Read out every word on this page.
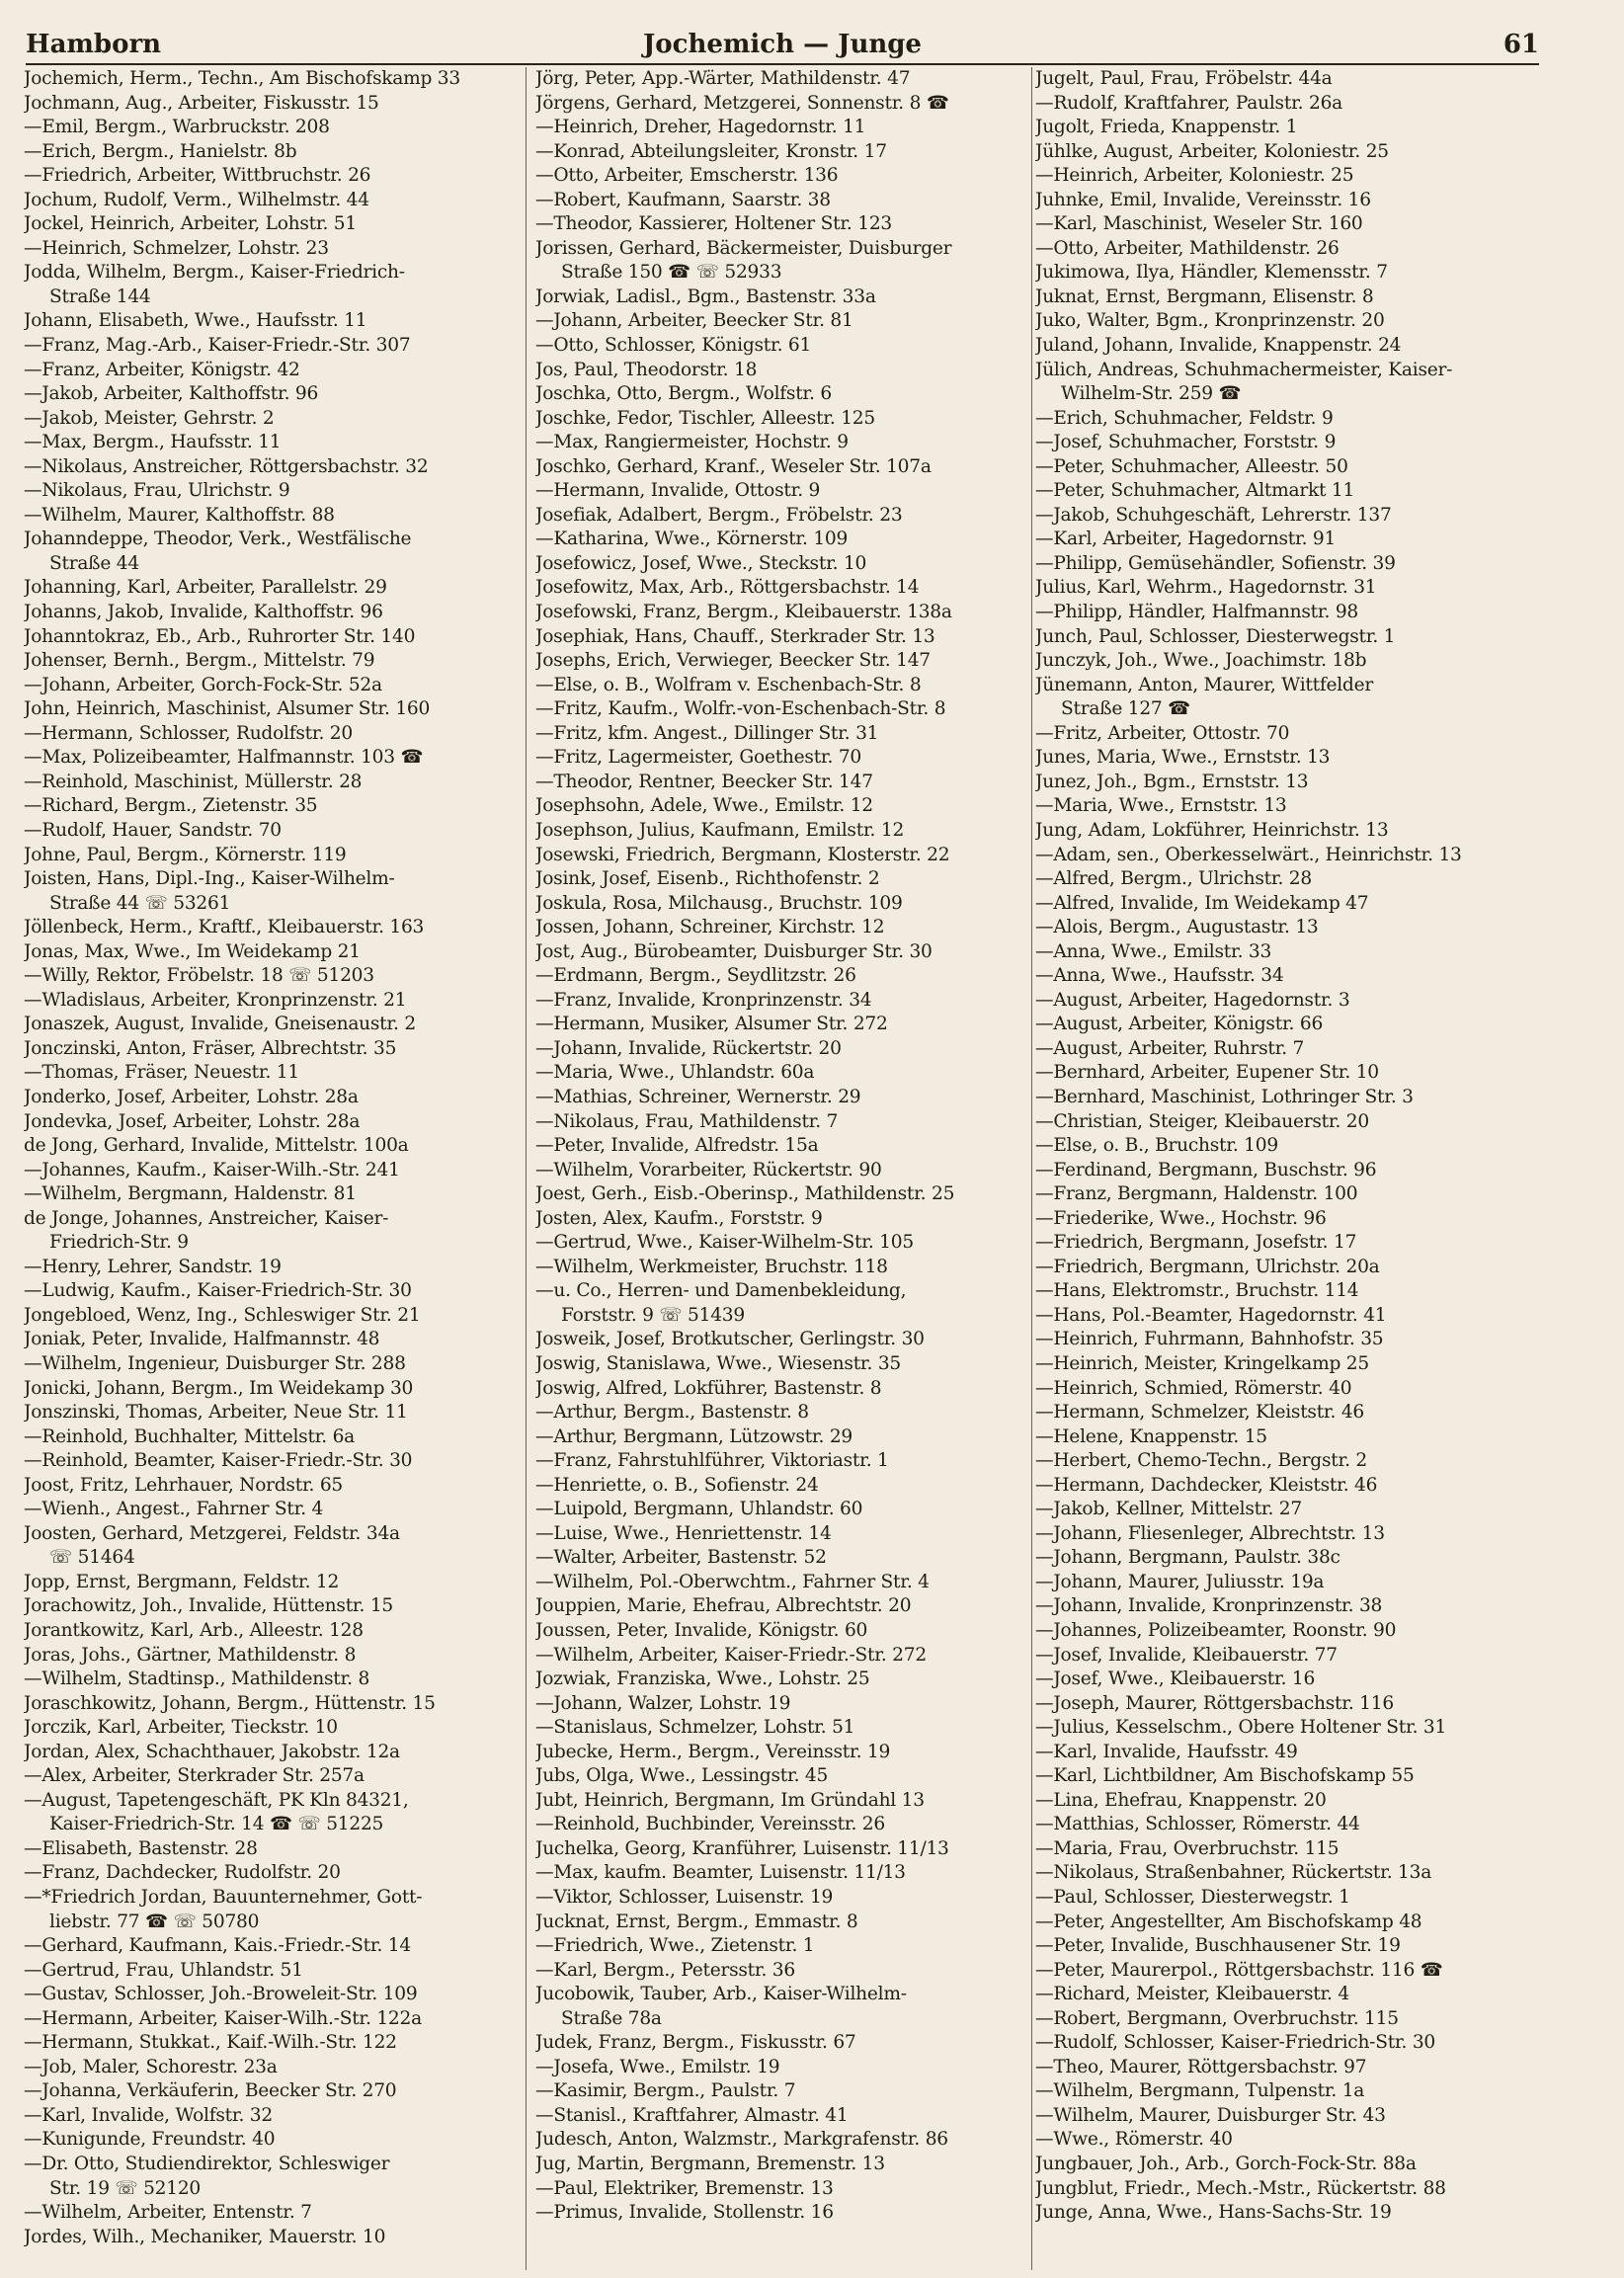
Hamborn	Jochemich — Junge	61
Jochemich, Herm., Techn., Am Bischofskamp 33
Jochmann, Aug., Arbeiter, Fiskusstr. 15
—Emil, Bergm., Warbruckstr. 208
—Erich, Bergm., Hanielstr. 8b
—Friedrich, Arbeiter, Wittbruchstr. 26
Jochum, Rudolf, Verm., Wilhelmstr. 44
Jockel, Heinrich, Arbeiter, Lohstr. 51
—Heinrich, Schmelzer, Lohstr. 23
Jodda, Wilhelm, Bergm., Kaiser-Friedrich-
Straße 144
Johann, Elisabeth, Wwe., Haufsstr. 11
—Franz, Mag.-Arb., Kaiser-Friedr.-Str. 307
—Franz, Arbeiter, Königstr. 42
—Jakob, Arbeiter, Kalthoffstr. 96
—Jakob, Meister, Gehrstr. 2
—Max, Bergm., Haufsstr. 11
—Nikolaus, Anstreicher, Röttgersbachstr. 32
—Nikolaus, Frau, Ulrichstr. 9
—Wilhelm, Maurer, Kalthoffstr. 88
Johanndeppe, Theodor, Verk., Westfälische
Straße 44
Johanning, Karl, Arbeiter, Parallelstr. 29
Johanns, Jakob, Invalide, Kalthoffstr. 96
Johanntokraz, Eb., Arb., Ruhrorter Str. 140
Johenser, Bernh., Bergm., Mittelstr. 79
—Johann, Arbeiter, Gorch-Fock-Str. 52a
John, Heinrich, Maschinist, Alsumer Str. 160
—Hermann, Schlosser, Rudolfstr. 20
—Max, Polizeibeamter, Halfmannstr. 103 ☎
—Reinhold, Maschinist, Müllerstr. 28
—Richard, Bergm., Zietenstr. 35
—Rudolf, Hauer, Sandstr. 70
Johne, Paul, Bergm., Körnerstr. 119
Joisten, Hans, Dipl.-Ing., Kaiser-Wilhelm-
Straße 44 ☏ 53261
Jöllenbeck, Herm., Kraftf., Kleibauerstr. 163
Jonas, Max, Wwe., Im Weidekamp 21
—Willy, Rektor, Fröbelstr. 18 ☏ 51203
—Wladislaus, Arbeiter, Kronprinzenstr. 21
Jonaszek, August, Invalide, Gneisenaustr. 2
Jonczinski, Anton, Fräser, Albrechtstr. 35
—Thomas, Fräser, Neuestr. 11
Jonderko, Josef, Arbeiter, Lohstr. 28a
Jondevka, Josef, Arbeiter, Lohstr. 28a
de Jong, Gerhard, Invalide, Mittelstr. 100a
—Johannes, Kaufm., Kaiser-Wilh.-Str. 241
—Wilhelm, Bergmann, Haldenstr. 81
de Jonge, Johannes, Anstreicher, Kaiser-
Friedrich-Str. 9
—Henry, Lehrer, Sandstr. 19
—Ludwig, Kaufm., Kaiser-Friedrich-Str. 30
Jongebloed, Wenz, Ing., Schleswiger Str. 21
Joniak, Peter, Invalide, Halfmannstr. 48
—Wilhelm, Ingenieur, Duisburger Str. 288
Jonicki, Johann, Bergm., Im Weidekamp 30
Jonszinski, Thomas, Arbeiter, Neue Str. 11
—Reinhold, Buchhalter, Mittelstr. 6a
—Reinhold, Beamter, Kaiser-Friedr.-Str. 30
Joost, Fritz, Lehrhauer, Nordstr. 65
—Wienh., Angest., Fahrner Str. 4
Joosten, Gerhard, Metzgerei, Feldstr. 34a
☏ 51464
Jopp, Ernst, Bergmann, Feldstr. 12
Jorachowitz, Joh., Invalide, Hüttenstr. 15
Jorantkowitz, Karl, Arb., Alleestr. 128
Joras, Johs., Gärtner, Mathildenstr. 8
—Wilhelm, Stadtinsp., Mathildenstr. 8
Joraschkowitz, Johann, Bergm., Hüttenstr. 15
Jorczik, Karl, Arbeiter, Tieckstr. 10
Jordan, Alex, Schachthauer, Jakobstr. 12a
—Alex, Arbeiter, Sterkrader Str. 257a
—August, Tapetengeschäft, PK Kln 84321,
Kaiser-Friedrich-Str. 14 ☎ ☏ 51225
—Elisabeth, Bastenstr. 28
—Franz, Dachdecker, Rudolfstr. 20
—*Friedrich Jordan, Bauunternehmer, Gott-
liebstr. 77 ☎ ☏ 50780
—Gerhard, Kaufmann, Kais.-Friedr.-Str. 14
—Gertrud, Frau, Uhlandstr. 51
—Gustav, Schlosser, Joh.-Broweleit-Str. 109
—Hermann, Arbeiter, Kaiser-Wilh.-Str. 122a
—Hermann, Stukkat., Kaif.-Wilh.-Str. 122
—Job, Maler, Schorestr. 23a
—Johanna, Verkäuferin, Beecker Str. 270
—Karl, Invalide, Wolfstr. 32
—Kunigunde, Freundstr. 40
—Dr. Otto, Studiendirektor, Schleswiger
Str. 19 ☏ 52120
—Wilhelm, Arbeiter, Entenstr. 7
Jordes, Wilh., Mechaniker, Mauerstr. 10
Jörg, Peter, App.-Wärter, Mathildenstr. 47
Jörgens, Gerhard, Metzgerei, Sonnenstr. 8 ☎
—Heinrich, Dreher, Hagedornstr. 11
—Konrad, Abteilungsleiter, Kronstr. 17
—Otto, Arbeiter, Emscherstr. 136
—Robert, Kaufmann, Saarstr. 38
—Theodor, Kassierer, Holtener Str. 123
Jorissen, Gerhard, Bäckermeister, Duisburger
Straße 150 ☎ ☏ 52933
Jorwiak, Ladisl., Bgm., Bastenstr. 33a
—Johann, Arbeiter, Beecker Str. 81
—Otto, Schlosser, Königstr. 61
Jos, Paul, Theodorstr. 18
Joschka, Otto, Bergm., Wolfstr. 6
Joschke, Fedor, Tischler, Alleestr. 125
—Max, Rangiermeister, Hochstr. 9
Joschko, Gerhard, Kranf., Weseler Str. 107a
—Hermann, Invalide, Ottostr. 9
Josefiak, Adalbert, Bergm., Fröbelstr. 23
—Katharina, Wwe., Körnerstr. 109
Josefowicz, Josef, Wwe., Steckstr. 10
Josefowitz, Max, Arb., Röttgersbachstr. 14
Josefowski, Franz, Bergm., Kleibauerstr. 138a
Josephiak, Hans, Chauff., Sterkrader Str. 13
Josephs, Erich, Verwieger, Beecker Str. 147
—Else, o. B., Wolfram v. Eschenbach-Str. 8
—Fritz, Kaufm., Wolfr.-von-Eschenbach-Str. 8
—Fritz, kfm. Angest., Dillinger Str. 31
—Fritz, Lagermeister, Goethestr. 70
—Theodor, Rentner, Beecker Str. 147
Josephsohn, Adele, Wwe., Emilstr. 12
Josephson, Julius, Kaufmann, Emilstr. 12
Josewski, Friedrich, Bergmann, Klosterstr. 22
Josink, Josef, Eisenb., Richthofenstr. 2
Joskula, Rosa, Milchausg., Bruchstr. 109
Jossen, Johann, Schreiner, Kirchstr. 12
Jost, Aug., Bürobeamter, Duisburger Str. 30
—Erdmann, Bergm., Seydlitzstr. 26
—Franz, Invalide, Kronprinzenstr. 34
—Hermann, Musiker, Alsumer Str. 272
—Johann, Invalide, Rückertstr. 20
—Maria, Wwe., Uhlandstr. 60a
—Mathias, Schreiner, Wernerstr. 29
—Nikolaus, Frau, Mathildenstr. 7
—Peter, Invalide, Alfredstr. 15a
—Wilhelm, Vorarbeiter, Rückertstr. 90
Joest, Gerh., Eisb.-Oberinsp., Mathildenstr. 25
Josten, Alex, Kaufm., Forststr. 9
—Gertrud, Wwe., Kaiser-Wilhelm-Str. 105
—Wilhelm, Werkmeister, Bruchstr. 118
—u. Co., Herren- und Damenbekleidung,
Forststr. 9 ☏ 51439
Josweik, Josef, Brotkutscher, Gerlingstr. 30
Joswig, Stanislawa, Wwe., Wiesenstr. 35
Joswig, Alfred, Lokführer, Bastenstr. 8
—Arthur, Bergm., Bastenstr. 8
—Arthur, Bergmann, Lützowstr. 29
—Franz, Fahrstuhlführer, Viktoriastr. 1
—Henriette, o. B., Sofienstr. 24
—Luipold, Bergmann, Uhlandstr. 60
—Luise, Wwe., Henriettenstr. 14
—Walter, Arbeiter, Bastenstr. 52
—Wilhelm, Pol.-Oberwchtm., Fahrner Str. 4
Jouppien, Marie, Ehefrau, Albrechtstr. 20
Joussen, Peter, Invalide, Königstr. 60
—Wilhelm, Arbeiter, Kaiser-Friedr.-Str. 272
Jozwiak, Franziska, Wwe., Lohstr. 25
—Johann, Walzer, Lohstr. 19
—Stanislaus, Schmelzer, Lohstr. 51
Jubecke, Herm., Bergm., Vereinsstr. 19
Jubs, Olga, Wwe., Lessingstr. 45
Jubt, Heinrich, Bergmann, Im Gründahl 13
—Reinhold, Buchbinder, Vereinsstr. 26
Juchelka, Georg, Kranführer, Luisenstr. 11/13
—Max, kaufm. Beamter, Luisenstr. 11/13
—Viktor, Schlosser, Luisenstr. 19
Jucknat, Ernst, Bergm., Emmastr. 8
—Friedrich, Wwe., Zietenstr. 1
—Karl, Bergm., Petersstr. 36
Jucobowik, Tauber, Arb., Kaiser-Wilhelm-
Straße 78a
Judek, Franz, Bergm., Fiskusstr. 67
—Josefa, Wwe., Emilstr. 19
—Kasimir, Bergm., Paulstr. 7
—Stanisl., Kraftfahrer, Almastr. 41
Judesch, Anton, Walzmstr., Markgrafenstr. 86
Jug, Martin, Bergmann, Bremenstr. 13
—Paul, Elektriker, Bremenstr. 13
—Primus, Invalide, Stollenstr. 16
Jugelt, Paul, Frau, Fröbelstr. 44a
—Rudolf, Kraftfahrer, Paulstr. 26a
Jugolt, Frieda, Knappenstr. 1
Jühlke, August, Arbeiter, Koloniestr. 25
—Heinrich, Arbeiter, Koloniestr. 25
Juhnke, Emil, Invalide, Vereinsstr. 16
—Karl, Maschinist, Weseler Str. 160
—Otto, Arbeiter, Mathildenstr. 26
Jukimowa, Ilya, Händler, Klemensstr. 7
Juknat, Ernst, Bergmann, Elisenstr. 8
Juko, Walter, Bgm., Kronprinzenstr. 20
Juland, Johann, Invalide, Knappenstr. 24
Jülich, Andreas, Schuhmachermeister, Kaiser-
Wilhelm-Str. 259 ☎
—Erich, Schuhmacher, Feldstr. 9
—Josef, Schuhmacher, Forststr. 9
—Peter, Schuhmacher, Alleestr. 50
—Peter, Schuhmacher, Altmarkt 11
—Jakob, Schuhgeschäft, Lehrerstr. 137
—Karl, Arbeiter, Hagedornstr. 91
—Philipp, Gemüsehändler, Sofienstr. 39
Julius, Karl, Wehrm., Hagedornstr. 31
—Philipp, Händler, Halfmannstr. 98
Junch, Paul, Schlosser, Diesterwegstr. 1
Junczyk, Joh., Wwe., Joachimstr. 18b
Jünemann, Anton, Maurer, Wittfelder
Straße 127 ☎
—Fritz, Arbeiter, Ottostr. 70
Junes, Maria, Wwe., Ernststr. 13
Junez, Joh., Bgm., Ernststr. 13
—Maria, Wwe., Ernststr. 13
Jung, Adam, Lokführer, Heinrichstr. 13
—Adam, sen., Oberkesselwärt., Heinrichstr. 13
—Alfred, Bergm., Ulrichstr. 28
—Alfred, Invalide, Im Weidekamp 47
—Alois, Bergm., Augustastr. 13
—Anna, Wwe., Emilstr. 33
—Anna, Wwe., Haufsstr. 34
—August, Arbeiter, Hagedornstr. 3
—August, Arbeiter, Königstr. 66
—August, Arbeiter, Ruhrstr. 7
—Bernhard, Arbeiter, Eupener Str. 10
—Bernhard, Maschinist, Lothringer Str. 3
—Christian, Steiger, Kleibauerstr. 20
—Else, o. B., Bruchstr. 109
—Ferdinand, Bergmann, Buschstr. 96
—Franz, Bergmann, Haldenstr. 100
—Friederike, Wwe., Hochstr. 96
—Friedrich, Bergmann, Josefstr. 17
—Friedrich, Bergmann, Ulrichstr. 20a
—Hans, Elektromstr., Bruchstr. 114
—Hans, Pol.-Beamter, Hagedornstr. 41
—Heinrich, Fuhrmann, Bahnhofstr. 35
—Heinrich, Meister, Kringelkamp 25
—Heinrich, Schmied, Römerstr. 40
—Hermann, Schmelzer, Kleiststr. 46
—Helene, Knappenstr. 15
—Herbert, Chemo-Techn., Bergstr. 2
—Hermann, Dachdecker, Kleiststr. 46
—Jakob, Kellner, Mittelstr. 27
—Johann, Fliesenleger, Albrechtstr. 13
—Johann, Bergmann, Paulstr. 38c
—Johann, Maurer, Juliusstr. 19a
—Johann, Invalide, Kronprinzenstr. 38
—Johannes, Polizeibeamter, Roonstr. 90
—Josef, Invalide, Kleibauerstr. 77
—Josef, Wwe., Kleibauerstr. 16
—Joseph, Maurer, Röttgersbachstr. 116
—Julius, Kesselschm., Obere Holtener Str. 31
—Karl, Invalide, Haufsstr. 49
—Karl, Lichtbildner, Am Bischofskamp 55
—Lina, Ehefrau, Knappenstr. 20
—Matthias, Schlosser, Römerstr. 44
—Maria, Frau, Overbruchstr. 115
—Nikolaus, Straßenbahner, Rückertstr. 13a
—Paul, Schlosser, Diesterwegstr. 1
—Peter, Angestellter, Am Bischofskamp 48
—Peter, Invalide, Buschhausener Str. 19
—Peter, Maurerpol., Röttgersbachstr. 116 ☎
—Richard, Meister, Kleibauerstr. 4
—Robert, Bergmann, Overbruchstr. 115
—Rudolf, Schlosser, Kaiser-Friedrich-Str. 30
—Theo, Maurer, Röttgersbachstr. 97
—Wilhelm, Bergmann, Tulpenstr. 1a
—Wilhelm, Maurer, Duisburger Str. 43
—Wwe., Römerstr. 40
Jungbauer, Joh., Arb., Gorch-Fock-Str. 88a
Jungblut, Friedr., Mech.-Mstr., Rückertstr. 88
Junge, Anna, Wwe., Hans-Sachs-Str. 19
